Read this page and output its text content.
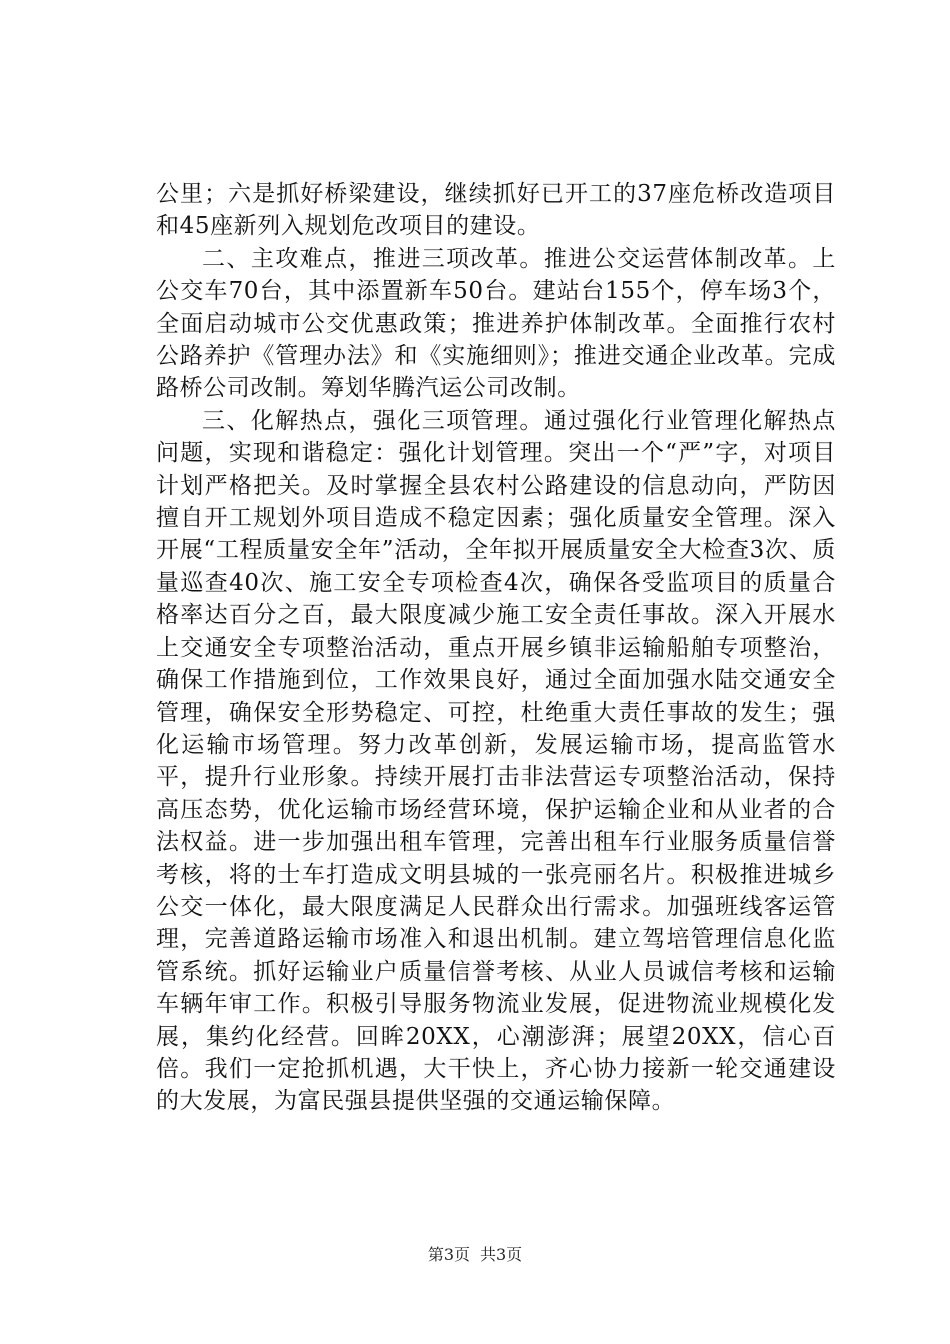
公里；六是抓好桥梁建设，继续抓好已开工的37座危桥改造项目和45座新列入规划危改项目的建设。

二、主攻难点，推进三项改革。推进公交运营体制改革。上公交车70台，其中添置新车50台。建站台155个，停车场3个，全面启动城市公交优惠政策；推进养护体制改革。全面推行农村公路养护《管理办法》和《实施细则》；推进交通企业改革。完成路桥公司改制。筹划华腾汽运公司改制。

三、化解热点，强化三项管理。通过强化行业管理化解热点问题，实现和谐稳定：强化计划管理。突出一个“严”字，对项目计划严格把关。及时掌握全县农村公路建设的信息动向，严防因擅自开工规划外项目造成不稳定因素；强化质量安全管理。深入开展“工程质量安全年”活动，全年拟开展质量安全大检查3次、质量巡查40次、施工安全专项检查4次，确保各受监项目的质量合格率达百分之百，最大限度减少施工安全责任事故。深入开展水上交通安全专项整治活动，重点开展乡镇非运输船舶专项整治，确保工作措施到位，工作效果良好，通过全面加强水陆交通安全管理，确保安全形势稳定、可控，杜绝重大责任事故的发生；强化运输市场管理。努力改革创新，发展运输市场，提高监管水平，提升行业形象。持续开展打击非法营运专项整治活动，保持高压态势，优化运输市场经营环境，保护运输企业和从业者的合法权益。进一步加强出租车管理，完善出租车行业服务质量信誉考核，将的士车打造成文明县城的一张亮丽名片。积极推进城乡公交一体化，最大限度满足人民群众出行需求。加强班线客运管理，完善道路运输市场准入和退出机制。建立驾培管理信息化监管系统。抓好运输业户质量信誉考核、从业人员诚信考核和运输车辆年审工作。积极引导服务物流业发展，促进物流业规模化发展，集约化经营。回眸20XX，心潮澎湃；展望20XX，信心百倍。我们一定抢抓机遇，大干快上，齐心协力接新一轮交通建设的大发展，为富民强县提供坚强的交通运输保障。

第3页 共3页
